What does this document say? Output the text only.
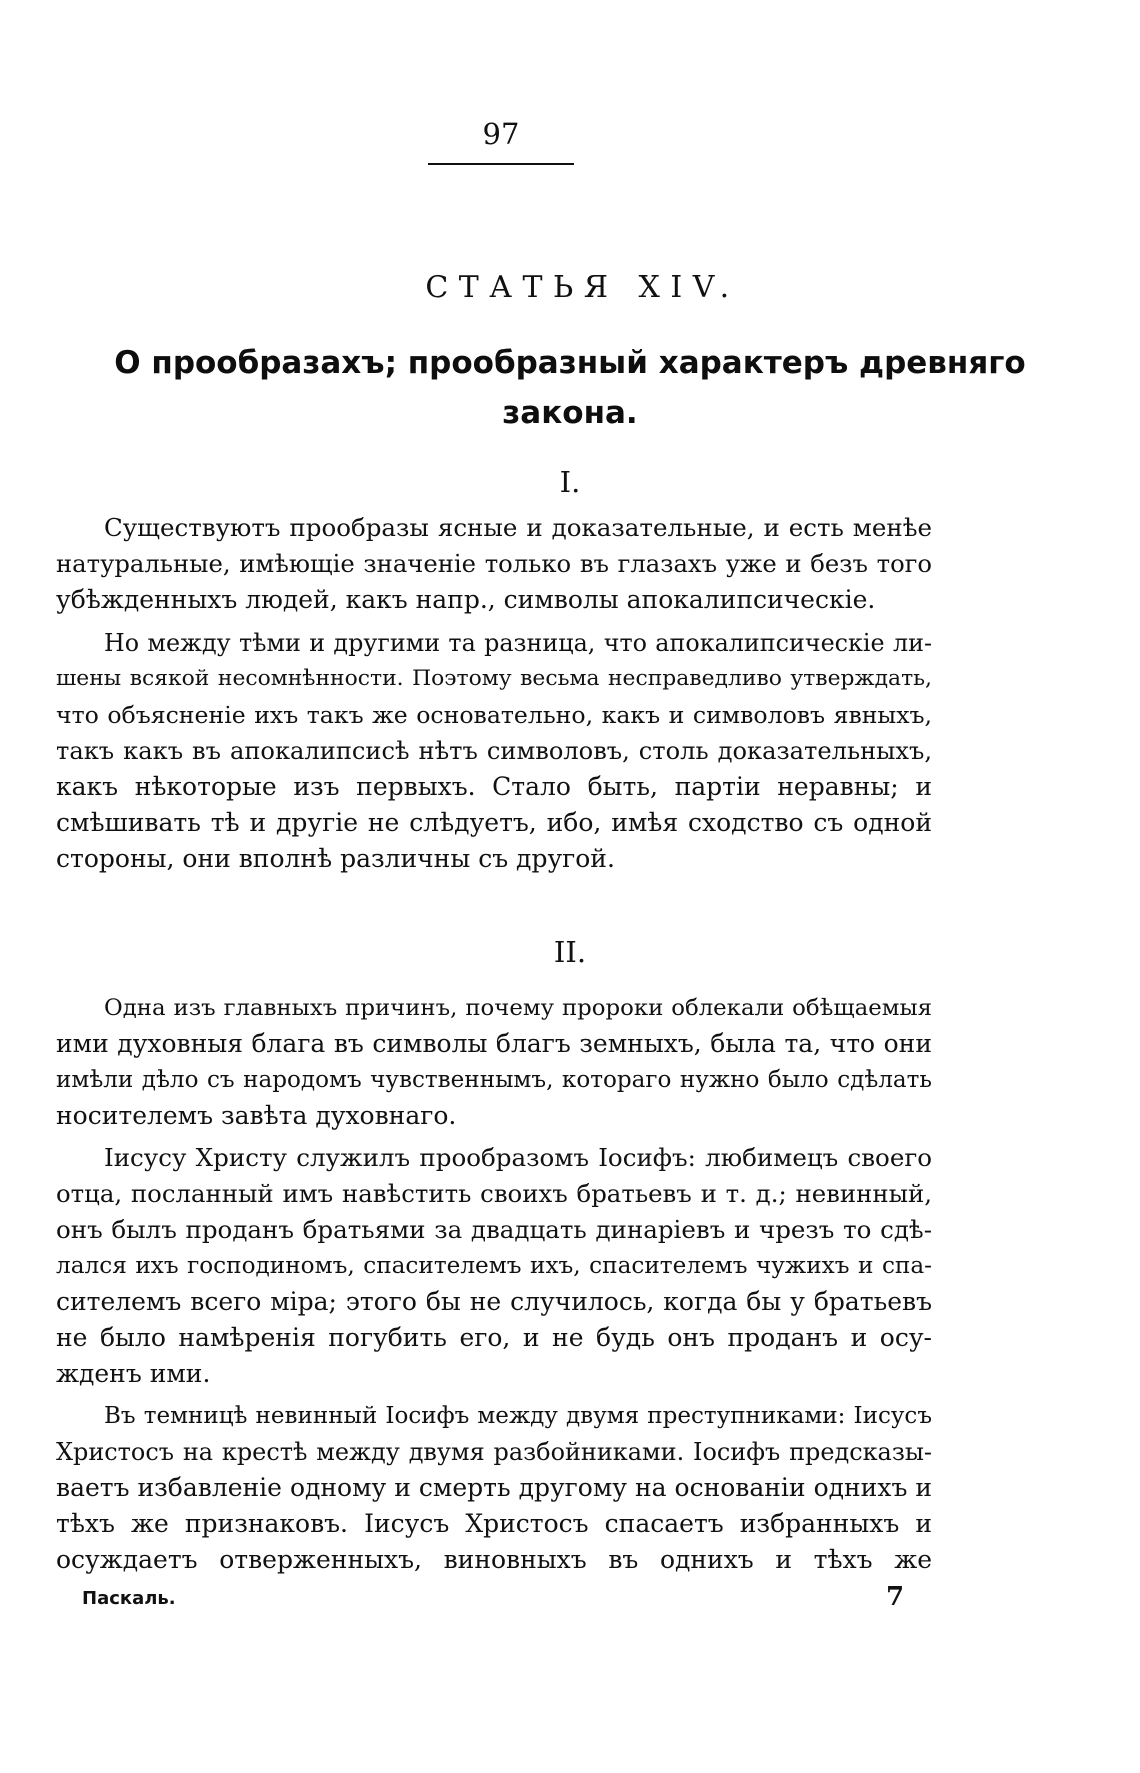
97
СТАТЬЯ XIV.
О прообразахъ; прообразный характеръ древняго закона.
I.
Существуютъ прообразы ясные и доказательные, и есть менѣе
натуральные, имѣющіе значеніе только въ глазахъ уже и безъ того
убѣжденныхъ людей, какъ напр., символы апокалипсическіе.
Но между тѣми и другими та разница, что апокалипсическіе ли-
шены всякой несомнѣнности. Поэтому весьма несправедливо утверждать,
что объясненіе ихъ такъ же основательно, какъ и символовъ явныхъ,
такъ какъ въ апокалипсисѣ нѣтъ символовъ, столь доказательныхъ,
какъ нѣкоторые изъ первыхъ. Стало быть, партіи неравны; и
смѣшивать тѣ и другіе не слѣдуетъ, ибо, имѣя сходство съ одной
стороны, они вполнѣ различны съ другой.
II.
Одна изъ главныхъ причинъ, почему пророки облекали обѣщаемыя
ими духовныя блага въ символы благъ земныхъ, была та, что они
имѣли дѣло съ народомъ чувственнымъ, котораго нужно было сдѣлать
носителемъ завѣта духовнаго.
Іисусу Христу служилъ прообразомъ Іосифъ: любимецъ своего
отца, посланный имъ навѣстить своихъ братьевъ и т. д.; невинный,
онъ былъ проданъ братьями за двадцать динаріевъ и чрезъ то сдѣ-
лался ихъ господиномъ, спасителемъ ихъ, спасителемъ чужихъ и спа-
сителемъ всего міра; этого бы не случилось, когда бы у братьевъ
не было намѣренія погубить его, и не будь онъ проданъ и осу-
жденъ ими.
Въ темницѣ невинный Іосифъ между двумя преступниками: Іисусъ
Христосъ на крестѣ между двумя разбойниками. Іосифъ предсказы-
ваетъ избавленіе одному и смерть другому на основаніи однихъ и
тѣхъ же признаковъ. Іисусъ Христосъ спасаетъ избранныхъ и
осуждаетъ отверженныхъ, виновныхъ въ однихъ и тѣхъ же
Паскаль.	7
